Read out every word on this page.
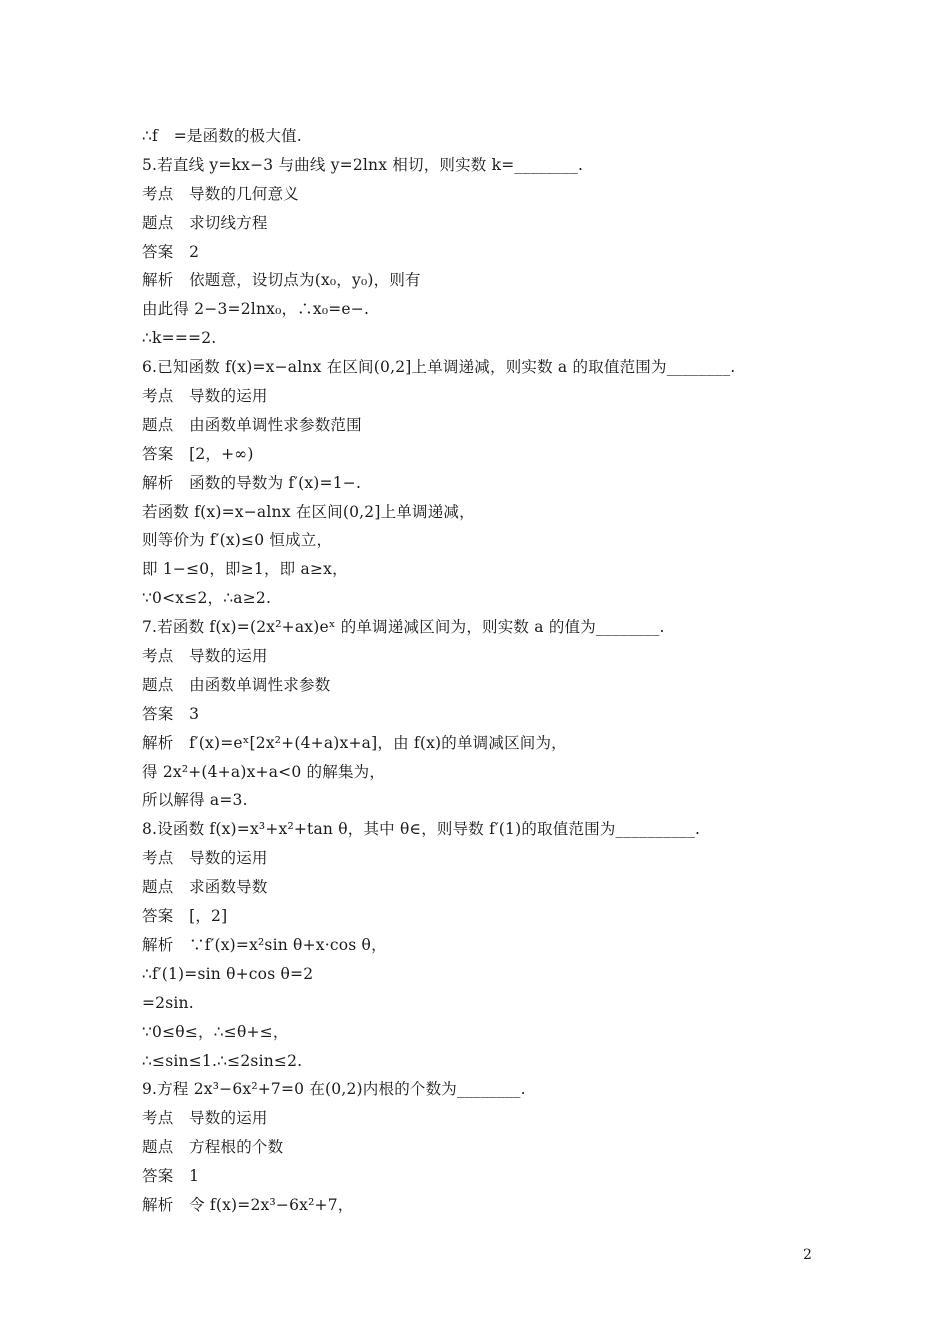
∴f　=是函数的极大值.
5.若直线 y=kx−3 与曲线 y=2lnx 相切，则实数 k=________.
考点　导数的几何意义
题点　求切线方程
答案　2
解析　依题意，设切点为(x₀，y₀)，则有
由此得 2−3=2lnx₀，∴x₀=e−.
∴k===2.
6.已知函数 f(x)=x−alnx 在区间(0,2]上单调递减，则实数 a 的取值范围为________.
考点　导数的运用
题点　由函数单调性求参数范围
答案　[2，+∞)
解析　函数的导数为 f′(x)=1−.
若函数 f(x)=x−alnx 在区间(0,2]上单调递减，
则等价为 f′(x)≤0 恒成立，
即 1−≤0，即≥1，即 a≥x，
∵0<x≤2，∴a≥2.
7.若函数 f(x)=(2x²+ax)eˣ 的单调递减区间为，则实数 a 的值为________.
考点　导数的运用
题点　由函数单调性求参数
答案　3
解析　f′(x)=eˣ[2x²+(4+a)x+a]，由 f(x)的单调减区间为，
得 2x²+(4+a)x+a<0 的解集为，
所以解得 a=3.
8.设函数 f(x)=x³+x²+tan θ，其中 θ∈，则导数 f′(1)的取值范围为__________.
考点　导数的运用
题点　求函数导数
答案　[，2]
解析　∵f′(x)=x²sin θ+x·cos θ，
∴f′(1)=sin θ+cos θ=2
=2sin.
∵0≤θ≤，∴≤θ+≤，
∴≤sin≤1.∴≤2sin≤2.
9.方程 2x³−6x²+7=0 在(0,2)内根的个数为________.
考点　导数的运用
题点　方程根的个数
答案　1
解析　令 f(x)=2x³−6x²+7，
2
